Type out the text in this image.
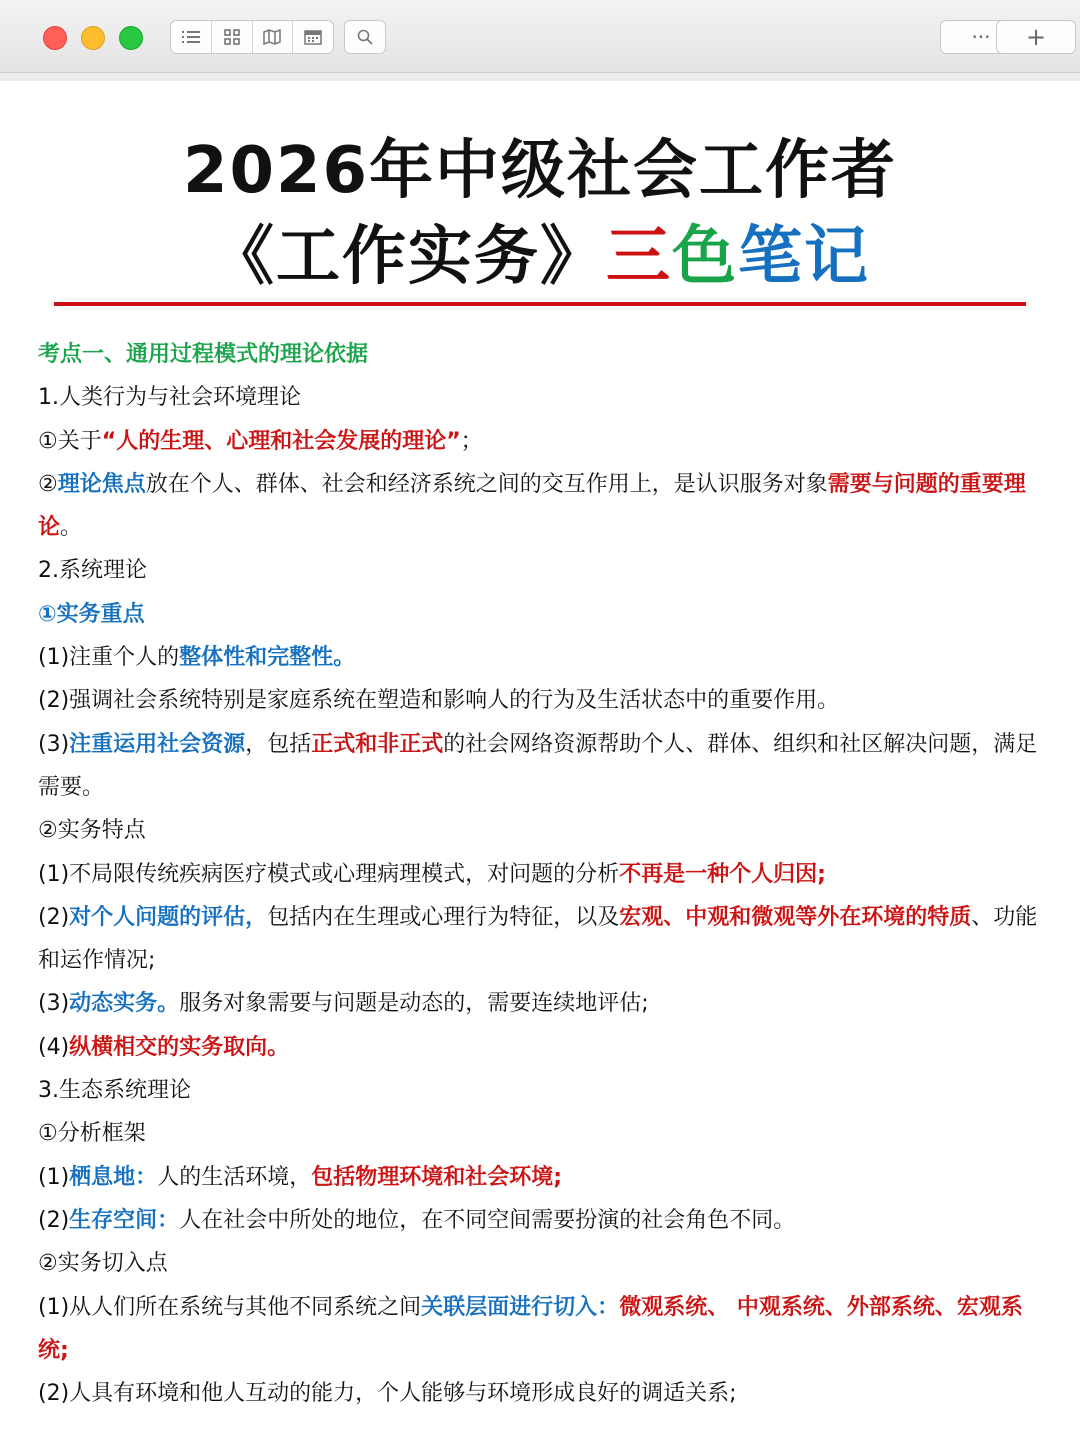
··· +
2026年中级社会工作者
《工作实务》三色笔记

考点一、通用过程模式的理论依据

1.人类行为与社会环境理论

①关于“人的生理、心理和社会发展的理论”；

②理论焦点放在个人、群体、社会和经济系统之间的交互作用上，是认识服务对象需要与问题的重要理论。

2.系统理论

①实务重点

(1)注重个人的整体性和完整性。

(2)强调社会系统特别是家庭系统在塑造和影响人的行为及生活状态中的重要作用。

(3)注重运用社会资源，包括正式和非正式的社会网络资源帮助个人、群体、组织和社区解决问题，满足需要。

②实务特点

(1)不局限传统疾病医疗模式或心理病理模式，对问题的分析不再是一种个人归因;

(2)对个人问题的评估，包括内在生理或心理行为特征，以及宏观、中观和微观等外在环境的特质、功能和运作情况;

(3)动态实务。服务对象需要与问题是动态的，需要连续地评估;

(4)纵横相交的实务取向。

3.生态系统理论

①分析框架

(1)栖息地：人的生活环境，包括物理环境和社会环境;

(2)生存空间：人在社会中所处的地位，在不同空间需要扮演的社会角色不同。

②实务切入点

(1)从人们所在系统与其他不同系统之间关联层面进行切入：微观系统、 中观系统、外部系统、宏观系统;

(2)人具有环境和他人互动的能力，个人能够与环境形成良好的调适关系;
